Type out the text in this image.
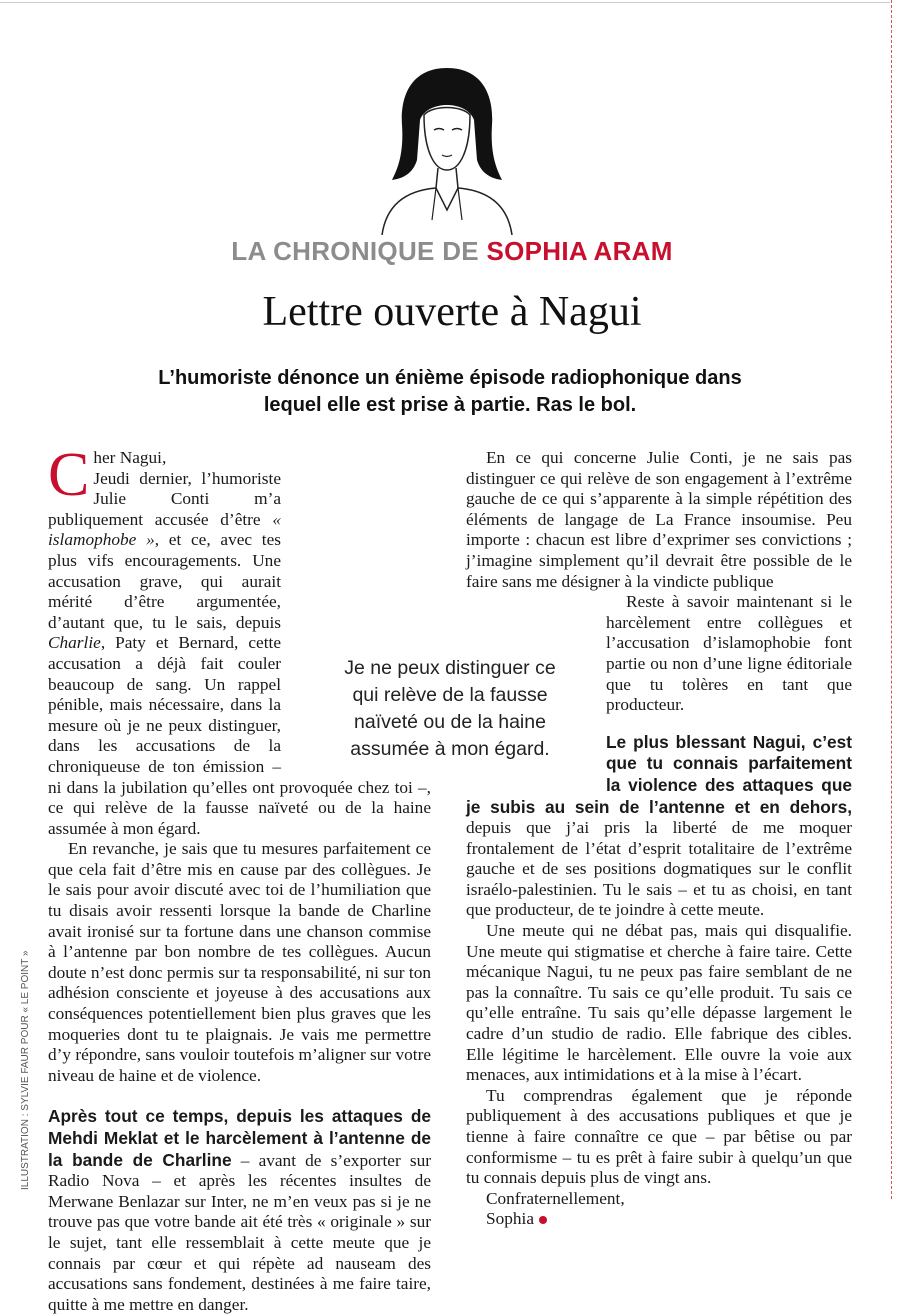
LA CHRONIQUE DE SOPHIA ARAM
Lettre ouverte à Nagui
L’humoriste dénonce un énième épisode radiophonique dans lequel elle est prise à partie. Ras le bol.

Cher Nagui,
Jeudi dernier, l’humoriste Julie Conti m’a publiquement accusée d’être « islamophobe », et ce, avec tes plus vifs encouragements. Une accusation grave, qui aurait mérité d’être argumentée, d’autant que, tu le sais, depuis Charlie, Paty et Bernard, cette accusation a déjà fait couler beaucoup de sang. Un rappel pénible, mais nécessaire, dans la mesure où je ne peux distinguer, dans les accusations de la chroniqueuse de ton émission – ni dans la jubilation qu’elles ont provoquée chez toi –, ce qui relève de la fausse naïveté ou de la haine assumée à mon égard.

En revanche, je sais que tu mesures parfaitement ce que cela fait d’être mis en cause par des collègues. Je le sais pour avoir discuté avec toi de l’humiliation que tu disais avoir ressenti lorsque la bande de Charline avait ironisé sur ta fortune dans une chanson commise à l’antenne par bon nombre de tes collègues. Aucun doute n’est donc permis sur ta responsabilité, ni sur ton adhésion consciente et joyeuse à des accusations aux conséquences potentiellement bien plus graves que les moqueries dont tu te plaignais. Je vais me permettre d’y répondre, sans vouloir toutefois m’aligner sur votre niveau de haine et de violence.

Après tout ce temps, depuis les attaques de Mehdi Meklat et le harcèlement à l’antenne de la bande de Charline – avant de s’exporter sur Radio Nova – et après les récentes insultes de Merwane Benlazar sur Inter, ne m’en veux pas si je ne trouve pas que votre bande ait été très « originale » sur le sujet, tant elle ressemblait à cette meute que je connais par cœur et qui répète ad nauseam des accusations sans fondement, destinées à me faire taire, quitte à me mettre en danger.

Je ne peux distinguer ce qui relève de la fausse naïveté ou de la haine assumée à mon égard.

En ce qui concerne Julie Conti, je ne sais pas distinguer ce qui relève de son engagement à l’extrême gauche de ce qui s’apparente à la simple répétition des éléments de langage de La France insoumise. Peu importe : chacun est libre d’exprimer ses convictions ; j’imagine simplement qu’il devrait être possible de le faire sans me désigner à la vindicte publique

Reste à savoir maintenant si le harcèlement entre collègues et l’accusation d’islamophobie font partie ou non d’une ligne éditoriale que tu tolères en tant que producteur.

Le plus blessant Nagui, c’est que tu connais parfaitement la violence des attaques que je subis au sein de l’antenne et en dehors, depuis que j’ai pris la liberté de me moquer frontalement de l’état d’esprit totalitaire de l’extrême gauche et de ses positions dogmatiques sur le conflit israélo-palestinien. Tu le sais – et tu as choisi, en tant que producteur, de te joindre à cette meute.

Une meute qui ne débat pas, mais qui disqualifie. Une meute qui stigmatise et cherche à faire taire. Cette mécanique Nagui, tu ne peux pas faire semblant de ne pas la connaître. Tu sais ce qu’elle produit. Tu sais ce qu’elle entraîne. Tu sais qu’elle dépasse largement le cadre d’un studio de radio. Elle fabrique des cibles. Elle légitime le harcèlement. Elle ouvre la voie aux menaces, aux intimidations et à la mise à l’écart.

Tu comprendras également que je réponde publiquement à des accusations publiques et que je tienne à faire connaître ce que – par bêtise ou par conformisme – tu es prêt à faire subir à quelqu’un que tu connais depuis plus de vingt ans.

Confraternellement,

Sophia

ILLUSTRATION : SYLVIE FAUR POUR « LE POINT »
